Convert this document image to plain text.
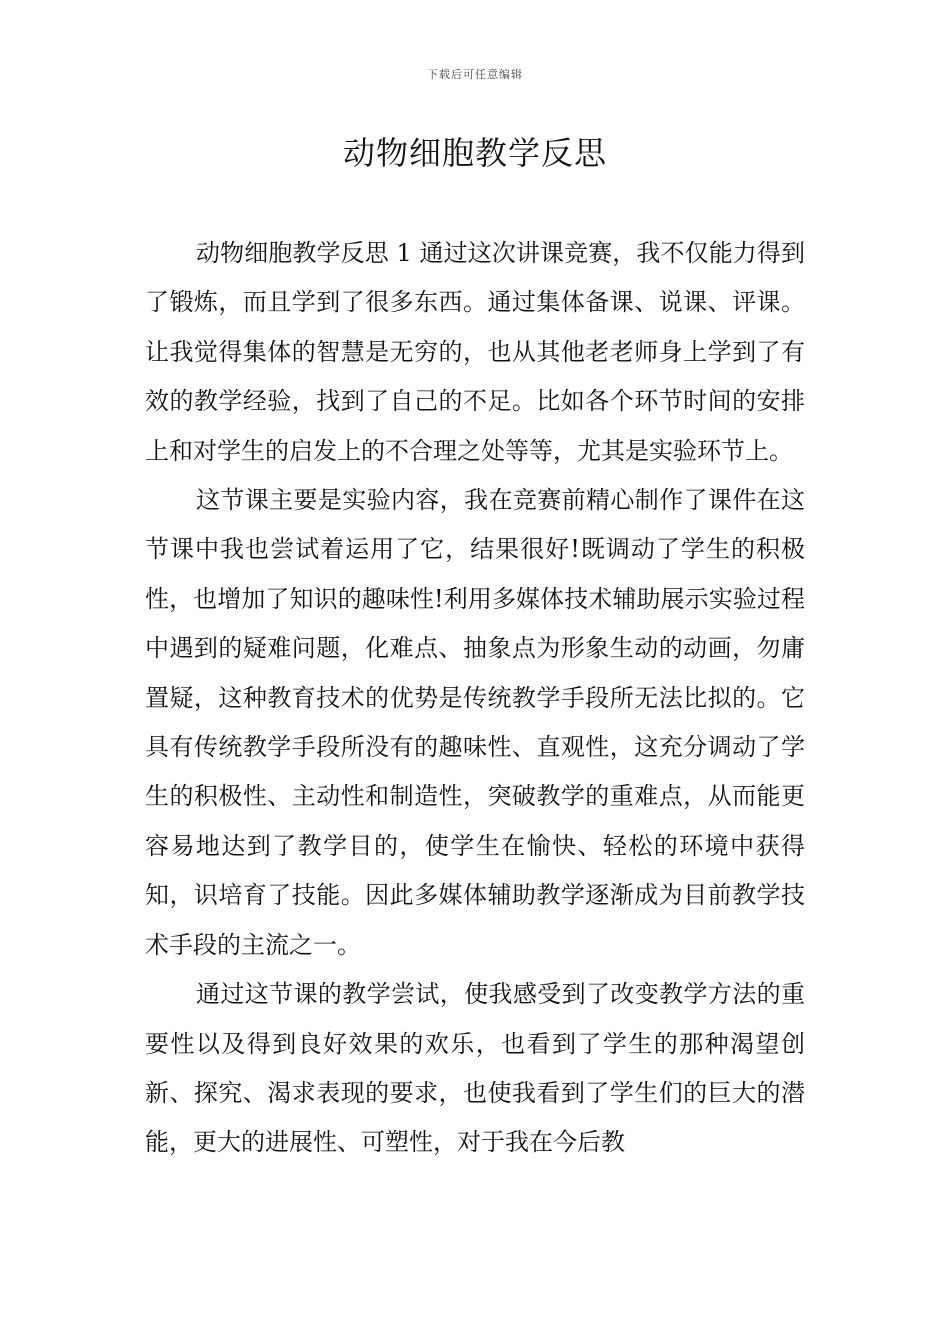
下载后可任意编辑
动物细胞教学反思

动物细胞教学反思 1 通过这次讲课竞赛，我不仅能力得到了锻炼，而且学到了很多东西。通过集体备课、说课、评课。让我觉得集体的智慧是无穷的，也从其他老老师身上学到了有效的教学经验，找到了自己的不足。比如各个环节时间的安排上和对学生的启发上的不合理之处等等，尤其是实验环节上。

这节课主要是实验内容，我在竞赛前精心制作了课件在这节课中我也尝试着运用了它，结果很好!既调动了学生的积极性，也增加了知识的趣味性!利用多媒体技术辅助展示实验过程中遇到的疑难问题，化难点、抽象点为形象生动的动画，勿庸置疑，这种教育技术的优势是传统教学手段所无法比拟的。它具有传统教学手段所没有的趣味性、直观性，这充分调动了学生的积极性、主动性和制造性，突破教学的重难点，从而能更容易地达到了教学目的，使学生在愉快、轻松的环境中获得知，识培育了技能。因此多媒体辅助教学逐渐成为目前教学技术手段的主流之一。

通过这节课的教学尝试，使我感受到了改变教学方法的重要性以及得到良好效果的欢乐，也看到了学生的那种渴望创新、探究、渴求表现的要求，也使我看到了学生们的巨大的潜能，更大的进展性、可塑性，对于我在今后教
